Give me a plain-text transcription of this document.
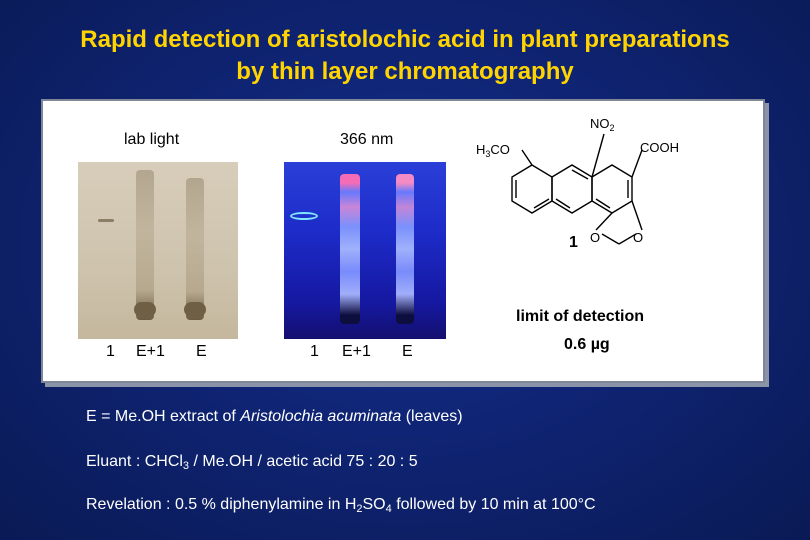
Rapid detection of aristolochic acid in plant preparations
by thin layer chromatography
lab light	366 nm
1 E+1 E	1 E+1 E
$NO_2$
$H_3CO$	COOH
O	O
1
limit of detection
0.6 µg
E = Me.OH extract of Aristolochia acuminata (leaves)
Eluant : CHCl$_3$ / Me.OH / acetic acid 75 : 20 : 5
Revelation : 0.5 % diphenylamine in $H_2SO_4$ followed by 10 min at 100°C
